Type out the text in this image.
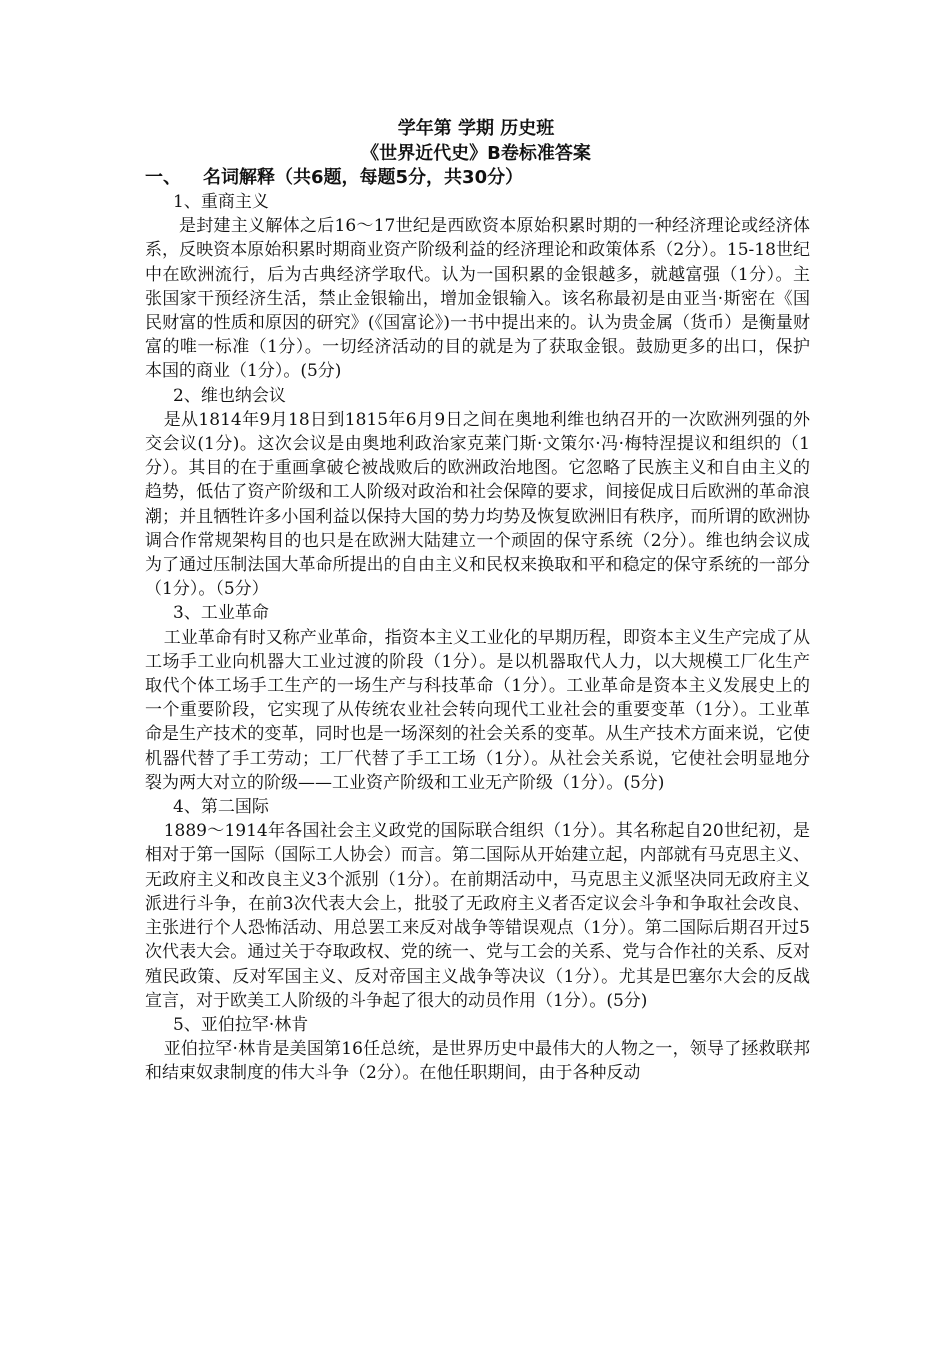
学年第 学期 历史班
《世界近代史》B卷标准答案
一、 名词解释（共6题，每题5分，共30分）
1、重商主义

是封建主义解体之后16～17世纪是西欧资本原始积累时期的一种经济理论或经济体系，反映资本原始积累时期商业资产阶级利益的经济理论和政策体系（2分）。15-18世纪中在欧洲流行，后为古典经济学取代。认为一国积累的金银越多，就越富强（1分）。主张国家干预经济生活，禁止金银输出，增加金银输入。该名称最初是由亚当·斯密在《国民财富的性质和原因的研究》(《国富论》)一书中提出来的。认为贵金属（货币）是衡量财富的唯一标准（1分）。一切经济活动的目的就是为了获取金银。鼓励更多的出口，保护本国的商业（1分）。(5分)

2、维也纳会议

是从1814年9月18日到1815年6月9日之间在奥地利维也纳召开的一次欧洲列强的外交会议(1分)。这次会议是由奥地利政治家克莱门斯·文策尔·冯·梅特涅提议和组织的（1分）。其目的在于重画拿破仑被战败后的欧洲政治地图。它忽略了民族主义和自由主义的趋势，低估了资产阶级和工人阶级对政治和社会保障的要求，间接促成日后欧洲的革命浪潮；并且牺牲许多小国利益以保持大国的势力均势及恢复欧洲旧有秩序，而所谓的欧洲协调合作常规架构目的也只是在欧洲大陆建立一个顽固的保守系统（2分）。维也纳会议成为了通过压制法国大革命所提出的自由主义和民权来换取和平和稳定的保守系统的一部分（1分）。（5分）

3、工业革命

工业革命有时又称产业革命，指资本主义工业化的早期历程，即资本主义生产完成了从工场手工业向机器大工业过渡的阶段（1分）。是以机器取代人力，以大规模工厂化生产取代个体工场手工生产的一场生产与科技革命（1分）。工业革命是资本主义发展史上的一个重要阶段，它实现了从传统农业社会转向现代工业社会的重要变革（1分）。工业革命是生产技术的变革，同时也是一场深刻的社会关系的变革。从生产技术方面来说，它使机器代替了手工劳动；工厂代替了手工工场（1分）。从社会关系说，它使社会明显地分裂为两大对立的阶级——工业资产阶级和工业无产阶级（1分）。(5分)

4、第二国际

1889～1914年各国社会主义政党的国际联合组织（1分）。其名称起自20世纪初，是相对于第一国际（国际工人协会）而言。第二国际从开始建立起，内部就有马克思主义、无政府主义和改良主义3个派别（1分）。在前期活动中，马克思主义派坚决同无政府主义派进行斗争，在前3次代表大会上，批驳了无政府主义者否定议会斗争和争取社会改良、主张进行个人恐怖活动、用总罢工来反对战争等错误观点（1分）。第二国际后期召开过5次代表大会。通过关于夺取政权、党的统一、党与工会的关系、党与合作社的关系、反对殖民政策、反对军国主义、反对帝国主义战争等决议（1分）。尤其是巴塞尔大会的反战宣言，对于欧美工人阶级的斗争起了很大的动员作用（1分）。(5分)

5、亚伯拉罕·林肯

亚伯拉罕·林肯是美国第16任总统，是世界历史中最伟大的人物之一，领导了拯救联邦和结束奴隶制度的伟大斗争（2分）。在他任职期间，由于各种反动
